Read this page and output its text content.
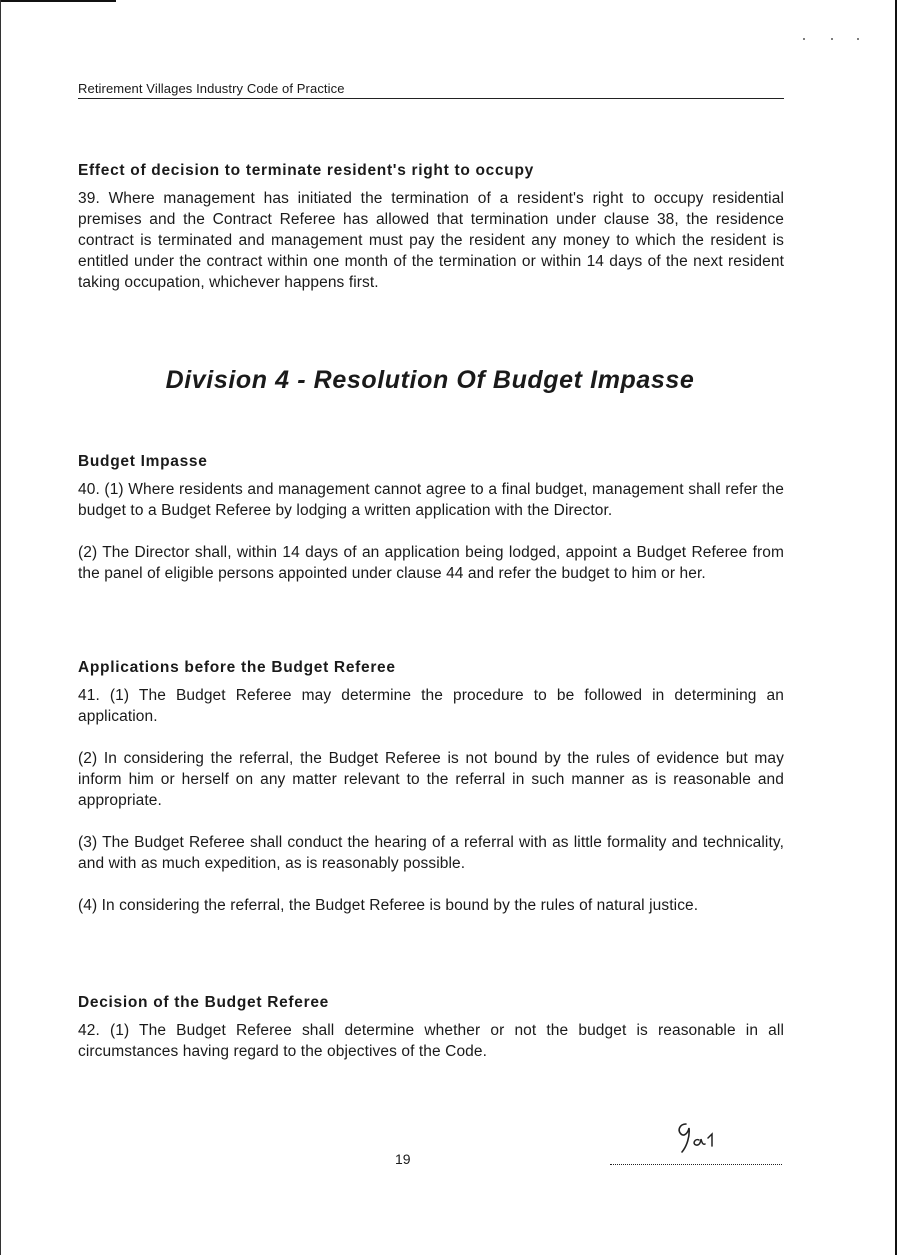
Retirement Villages Industry Code of Practice

Effect of decision to terminate resident's right to occupy

39. Where management has initiated the termination of a resident's right to occupy residential premises and the Contract Referee has allowed that termination under clause 38, the residence contract is terminated and management must pay the resident any money to which the resident is entitled under the contract within one month of the termination or within 14 days of the next resident taking occupation, whichever happens first.

Division 4 - Resolution Of Budget Impasse

Budget Impasse

40. (1) Where residents and management cannot agree to a final budget, management shall refer the budget to a Budget Referee by lodging a written application with the Director.

(2) The Director shall, within 14 days of an application being lodged, appoint a Budget Referee from the panel of eligible persons appointed under clause 44 and refer the budget to him or her.

Applications before the Budget Referee

41. (1) The Budget Referee may determine the procedure to be followed in determining an application.

(2) In considering the referral, the Budget Referee is not bound by the rules of evidence but may inform him or herself on any matter relevant to the referral in such manner as is reasonable and appropriate.

(3) The Budget Referee shall conduct the hearing of a referral with as little formality and technicality, and with as much expedition, as is reasonably possible.

(4) In considering the referral, the Budget Referee is bound by the rules of natural justice.

Decision of the Budget Referee

42. (1) The Budget Referee shall determine whether or not the budget is reasonable in all circumstances having regard to the objectives of the Code.

19
